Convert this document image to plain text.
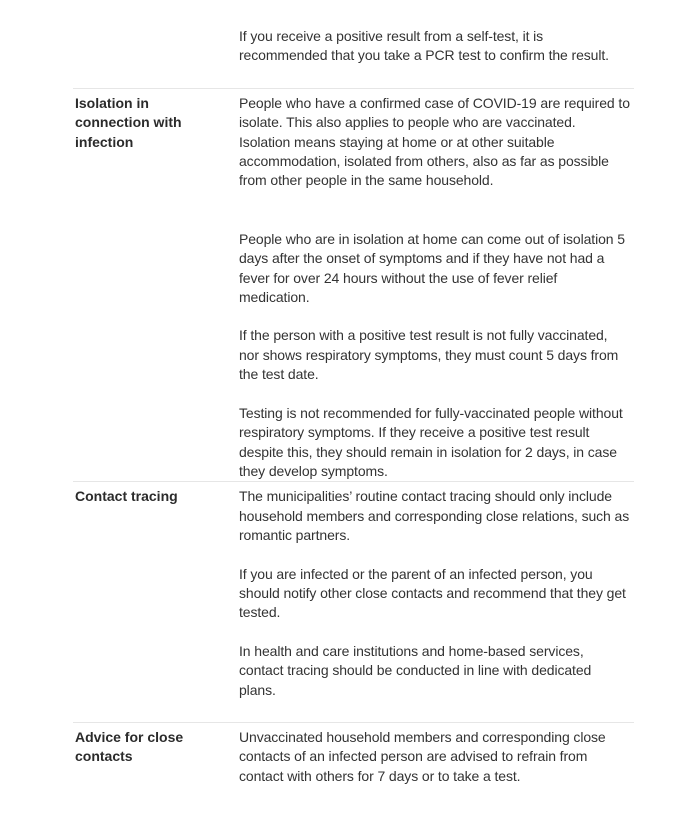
If you receive a positive result from a self-test, it is recommended that you take a PCR test to confirm the result.

Isolation in connection with infection

People who have a confirmed case of COVID-19 are required to isolate. This also applies to people who are vaccinated. Isolation means staying at home or at other suitable accommodation, isolated from others, also as far as possible from other people in the same household.

People who are in isolation at home can come out of isolation 5 days after the onset of symptoms and if they have not had a fever for over 24 hours without the use of fever relief medication.

If the person with a positive test result is not fully vaccinated, nor shows respiratory symptoms, they must count 5 days from the test date.

Testing is not recommended for fully-vaccinated people without respiratory symptoms. If they receive a positive test result despite this, they should remain in isolation for 2 days, in case they develop symptoms.

Contact tracing	The municipalities’ routine contact tracing should only include household members and corresponding close relations, such as romantic partners.

If you are infected or the parent of an infected person, you should notify other close contacts and recommend that they get tested.

In health and care institutions and home-based services, contact tracing should be conducted in line with dedicated plans.

Advice for close contacts

Unvaccinated household members and corresponding close contacts of an infected person are advised to refrain from contact with others for 7 days or to take a test.
